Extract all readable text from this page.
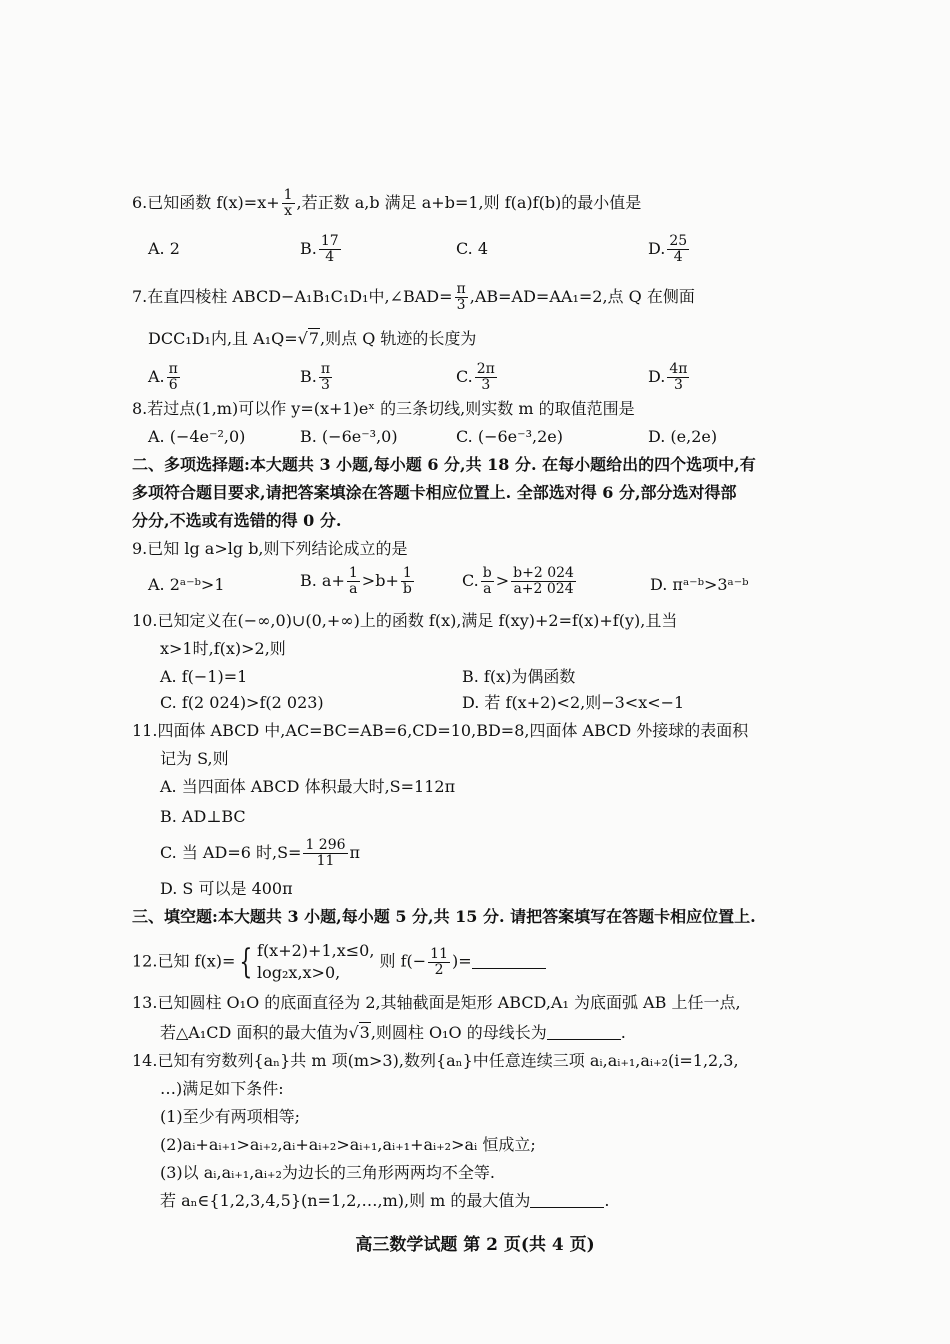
6.已知函数 $f(x)=x+ \frac{1}{x}$ ,若正数 a,b 满足 a+b=1,则 f(a)f(b)的最小值是
A. 2	B. $\frac{17}{4}$	C. 4	D. $\frac{25}{4}$
7.在直四棱柱 ABCD−A₁B₁C₁D₁中,∠BAD= $\frac{\pi}{3} ,AB=AD=AA_1=2$,点 Q 在侧面
DCC₁D₁内,且 A₁Q=√7,则点 Q 轨迹的长度为
A. $\frac{\pi}{6}$	B. $\frac{\pi}{3}$	C. $\frac{2\pi}{3}$	D. $\frac{4\pi}{3}$
8.若过点(1,m)可以作 y=(x+1)eˣ 的三条切线,则实数 m 的取值范围是
A. (−4e⁻²,0)	B. (−6e⁻³,0)	C. (−6e⁻³,2e)	D. (e,2e)
二、多项选择题:本大题共 3 小题,每小题 6 分,共 18 分. 在每小题给出的四个选项中,有
多项符合题目要求,请把答案填涂在答题卡相应位置上. 全部选对得 6 分,部分选对得部
分分,不选或有选错的得 0 分.
9.已知 lg a>lg b,则下列结论成立的是
A. 2ᵃ⁻ᵇ>1	B. $a+ \frac{1}{a} >b+ \frac{1}{b}$	C. $\frac{b}{a} > \frac{b+2 024}{a+2 024}$	D. πᵃ⁻ᵇ>3ᵃ⁻ᵇ
10.已知定义在(−∞,0)∪(0,+∞)上的函数 f(x),满足 f(xy)+2=f(x)+f(y),且当
x>1时,f(x)>2,则
A. f(−1)=1	B. f(x)为偶函数
C. f(2 024)>f(2 023)	D. 若 f(x+2)<2,则−3<x<−1
11.四面体 ABCD 中,AC=BC=AB=6,CD=10,BD=8,四面体 ABCD 外接球的表面积
记为 S,则
A. 当四面体 ABCD 体积最大时,S=112π
B. AD⊥BC
C. 当 AD=6 时$,S= \frac{1 296}{11}$ π
D. S 可以是 400π
三、填空题:本大题共 3 小题,每小题 5 分,共 15 分. 请把答案填写在答题卡相应位置上.
12.已知 f(x)= { f(x+2)+1,x≤0,
log₂x,x>0,
则 $f(- \frac{11}{2}$ )=
13.已知圆柱 O₁O 的底面直径为 2,其轴截面是矩形 ABCD,A₁ 为底面弧 AB 上任一点,
若△A₁CD 面积的最大值为√3,则圆柱 O₁O 的母线长为	.
14.已知有穷数列{aₙ}共 m 项(m>3),数列{aₙ}中任意连续三项 aᵢ,aᵢ₊₁,aᵢ₊₂(i=1,2,3,
…)满足如下条件:
(1)至少有两项相等;
(2)aᵢ+aᵢ₊₁>aᵢ₊₂,aᵢ+aᵢ₊₂>aᵢ₊₁,aᵢ₊₁+aᵢ₊₂>aᵢ 恒成立;
(3)以 aᵢ,aᵢ₊₁,aᵢ₊₂为边长的三角形两两均不全等.
若 aₙ∈{1,2,3,4,5}(n=1,2,…,m),则 m 的最大值为	.
高三数学试题 第 2 页(共 4 页)
